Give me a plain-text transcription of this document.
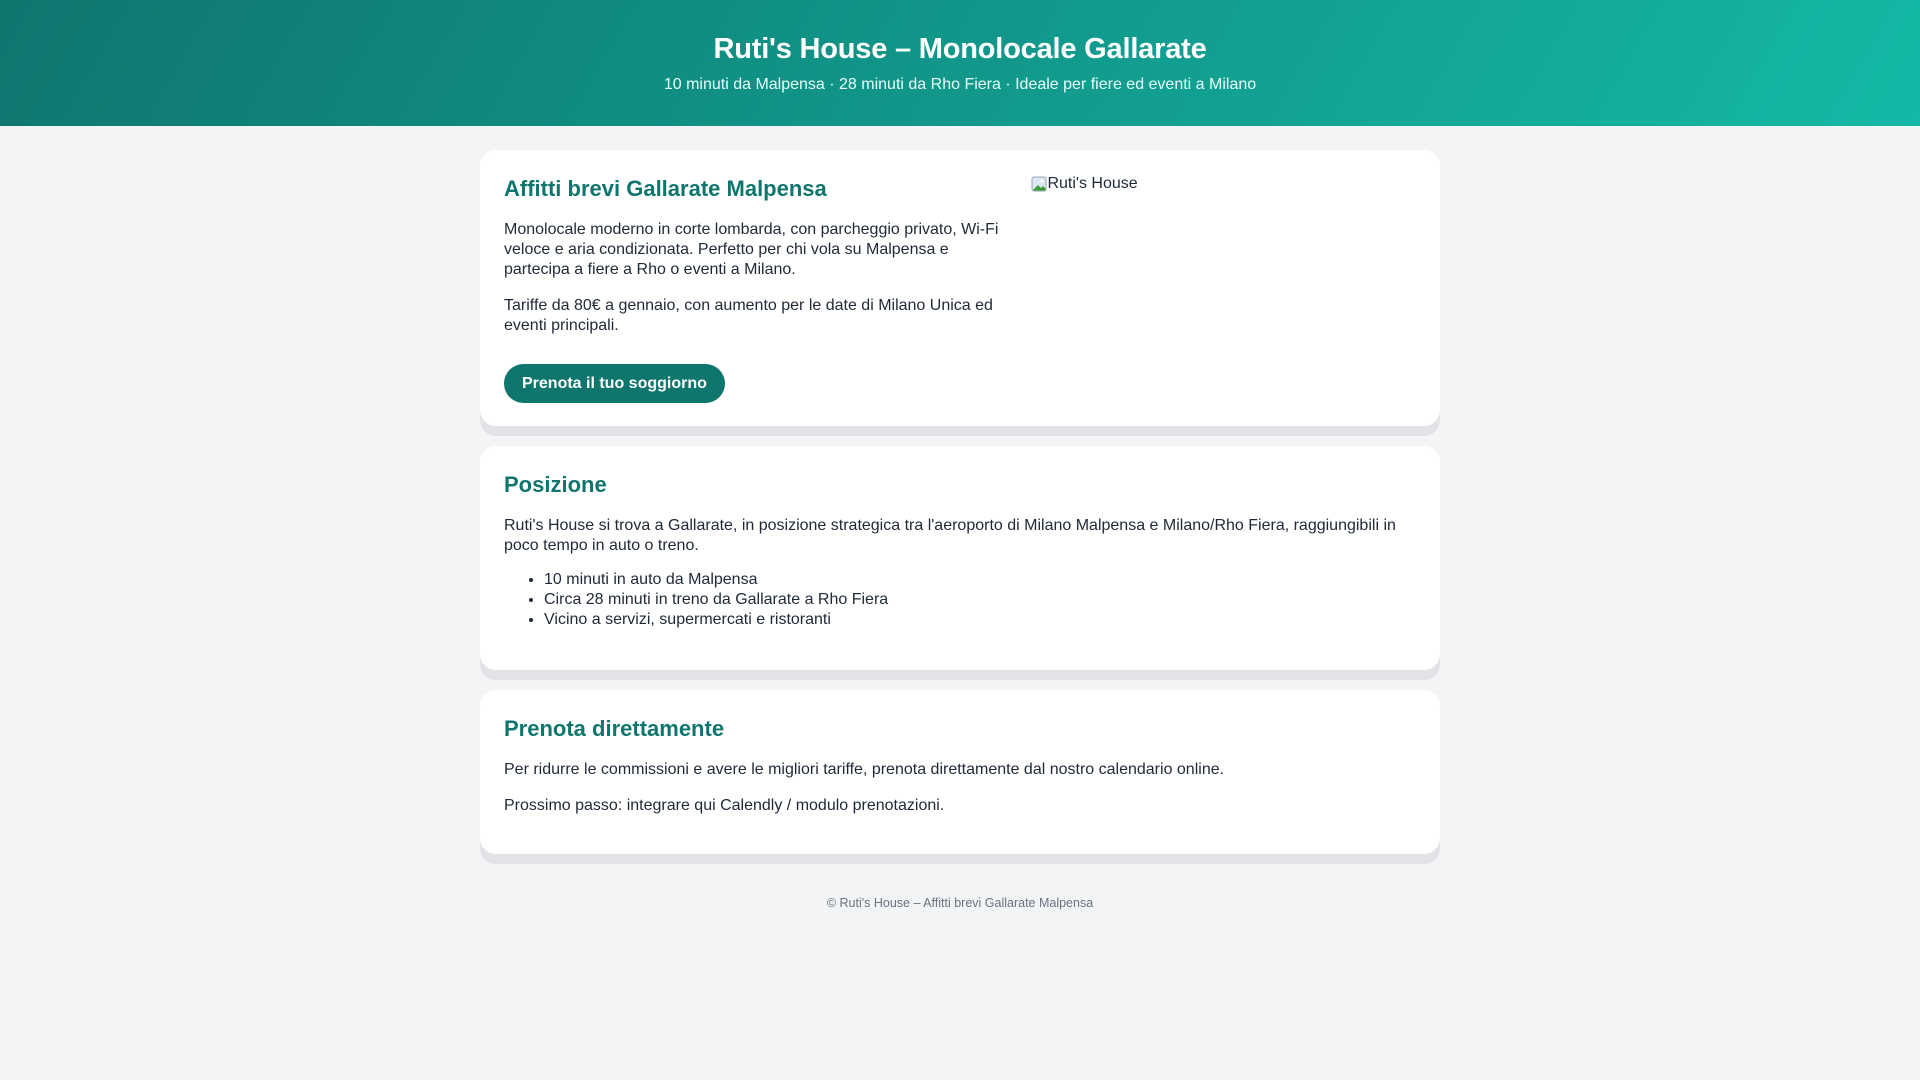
Ruti's House – Monolocale Gallarate

10 minuti da Malpensa · 28 minuti da Rho Fiera · Ideale per fiere ed eventi a Milano

Affitti brevi Gallarate Malpensa

Monolocale moderno in corte lombarda, con parcheggio privato, Wi-Fi veloce e aria condizionata. Perfetto per chi vola su Malpensa e partecipa a fiere a Rho o eventi a Milano.

Tariffe da 80€ a gennaio, con aumento per le date di Milano Unica ed eventi principali.

Prenota il tuo soggiorno
Ruti's House
Posizione

Ruti's House si trova a Gallarate, in posizione strategica tra l'aeroporto di Milano Malpensa e Milano/Rho Fiera, raggiungibili in poco tempo in auto o treno.

• 10 minuti in auto da Malpensa
• Circa 28 minuti in treno da Gallarate a Rho Fiera
• Vicino a servizi, supermercati e ristoranti
Prenota direttamente

Per ridurre le commissioni e avere le migliori tariffe, prenota direttamente dal nostro calendario online.

Prossimo passo: integrare qui Calendly / modulo prenotazioni.

© Ruti's House – Affitti brevi Gallarate Malpensa
